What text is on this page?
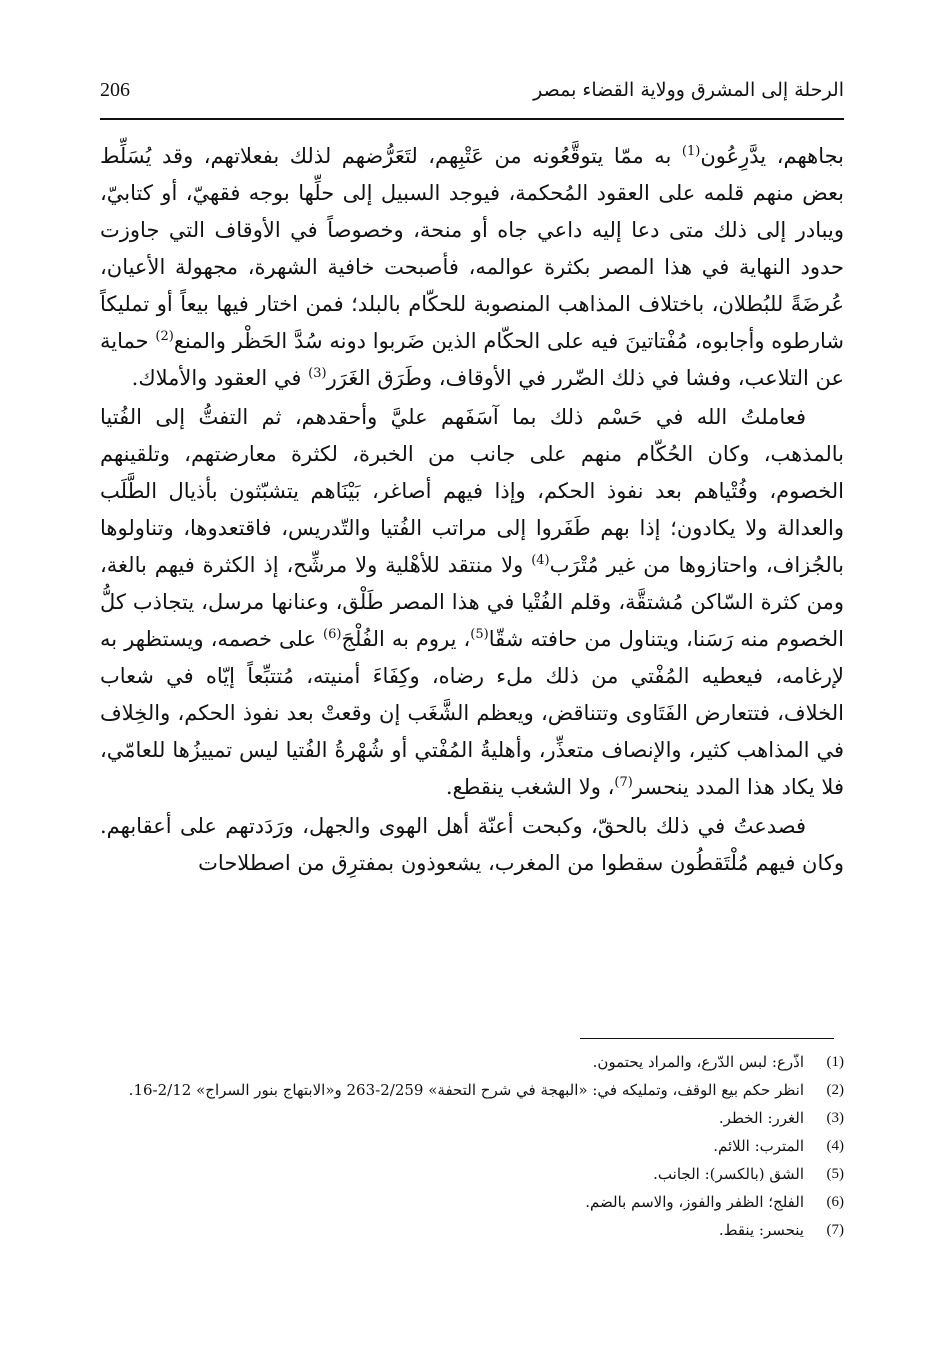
206	الرحلة إلى المشرق وولاية القضاء بمصر

بجاههم، يدَّرِعُون$^{(1)}$ به ممّا يتوقَّعُونه من عَتْبِهم، لتَعَرُّضهم لذلك بفعلاتهم، وقد يُسَلِّط بعض منهم قلمه على العقود المُحكمة، فيوجد السبيل إلى حلِّها بوجه فقهيّ، أو كتابيّ، ويبادر إلى ذلك متى دعا إليه داعي جاه أو منحة، وخصوصاً في الأوقاف التي جاوزت حدود النهاية في هذا المصر بكثرة عوالمه، فأصبحت خافية الشهرة، مجهولة الأعيان، عُرضَةً للبُطلان، باختلاف المذاهب المنصوبة للحكّام بالبلد؛ فمن اختار فيها بيعاً أو تمليكاً شارطوه وأجابوه، مُفْتاتينَ فيه على الحكّام الذين ضَربوا دونه سُدَّ الحَظْر والمنع$^{(2)}$ حماية عن التلاعب، وفشا في ذلك الضّرر في الأوقاف، وطَرَق الغَرَر$^{(3)}$ في العقود والأملاك.

فعاملتُ الله في حَسْم ذلك بما آسَفَهم عليَّ وأحقدهم، ثم التفتُّ إلى الفُتيا بالمذهب، وكان الحُكّام منهم على جانب من الخبرة، لكثرة معارضتهم، وتلقينهم الخصوم، وفُتْياهم بعد نفوذ الحكم، وإذا فيهم أصاغر، بَيْنَاهم يتشبّثون بأذيال الطَّلَب والعدالة ولا يكادون؛ إذا بهم طَفَروا إلى مراتب الفُتيا والتّدريس، فاقتعدوها، وتناولوها بالجُزاف، واحتازوها من غير مُتْرَب$^{(4)}$ ولا منتقد للأهْلية ولا مرشِّح، إذ الكثرة فيهم بالغة، ومن كثرة السّاكن مُشتقَّة، وقلم الفُتْيا في هذا المصر طَلْق، وعنانها مرسل، يتجاذب كلُّ الخصوم منه رَسَنا، ويتناول من حافته شقّا$^{(5)}$، يروم به الفُلْجَ$^{(6)}$ على خصمه، ويستظهر به لإرغامه، فيعطيه المُفْتي من ذلك ملء رضاه، وكِفَاءَ أمنيته، مُتتبِّعاً إيّاه في شعاب الخلاف، فتتعارض الفَتَاوى وتتناقض، ويعظم الشَّغَب إن وقعتْ بعد نفوذ الحكم، والخِلاف في المذاهب كثير، والإنصاف متعذِّر، وأهليةُ المُفْتي أو شُهْرةُ الفُتيا ليس تمييزُها للعامّي، فلا يكاد هذا المدد ينحسر$^{(7)}$، ولا الشغب ينقطع.

فصدعتُ في ذلك بالحقّ، وكبحت أعنّة أهل الهوى والجهل، ورَدَدتهم على أعقابهم. وكان فيهم مُلْتَقطُون سقطوا من المغرب، يشعوذون بمفترِق من اصطلاحات

(1)
اذّرع: لبس الدّرع، والمراد يحتمون.
(2)
انظر حكم بيع الوقف، وتمليكه في: «البهجة في شرح التحفة» 2/259-263 و«الابتهاج بنور السراج» 2/12-16.
(3)
الغرر: الخطر.
(4)
المترب: اللائم.
(5)
الشق (بالكسر): الجانب.
(6)
الفلج؛ الظفر والفوز، والاسم بالضم.
(7)
ينحسر: ينقط.
